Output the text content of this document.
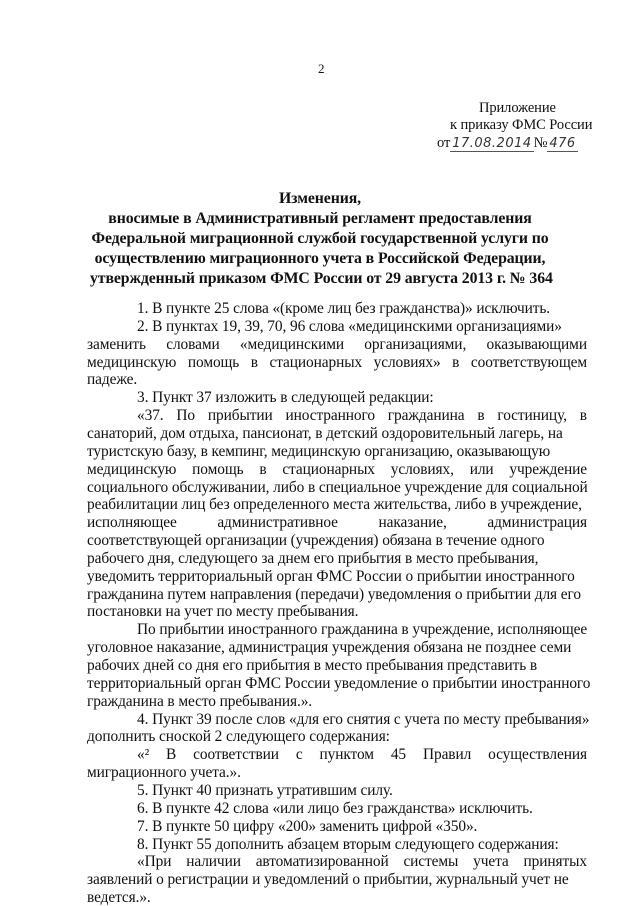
2
Приложение
к приказу ФМС России
от 17.08.2014 № 476
Изменения,
вносимые в Административный регламент предоставления
Федеральной миграционной службой государственной услуги по
осуществлению миграционного учета в Российской Федерации,
утвержденный приказом ФМС России от 29 августа 2013 г. № 364
1. В пункте 25 слова «(кроме лиц без гражданства)» исключить.
2. В пунктах 19, 39, 70, 96 слова «медицинскими организациями»
заменить словами «медицинскими организациями, оказывающими
медицинскую помощь в стационарных условиях» в соответствующем
падеже.
3. Пункт 37 изложить в следующей редакции:
«37. По прибытии иностранного гражданина в гостиницу, в
санаторий, дом отдыха, пансионат, в детский оздоровительный лагерь, на
туристскую базу, в кемпинг, медицинскую организацию, оказывающую
медицинскую помощь в стационарных условиях, или учреждение
социального обслуживании, либо в специальное учреждение для социальной
реабилитации лиц без определенного места жительства, либо в учреждение,
исполняющее	административное	наказание,	администрация
соответствующей организации (учреждения) обязана в течение одного
рабочего дня, следующего за днем его прибытия в место пребывания,
уведомить территориальный орган ФМС России о прибытии иностранного
гражданина путем направления (передачи) уведомления о прибытии для его
постановки на учет по месту пребывания.
По прибытии иностранного гражданина в учреждение, исполняющее
уголовное наказание, администрация учреждения обязана не позднее семи
рабочих дней со дня его прибытия в место пребывания представить в
территориальный орган ФМС России уведомление о прибытии иностранного
гражданина в место пребывания.».
4. Пункт 39 после слов «для его снятия с учета по месту пребывания»
дополнить сноской 2 следующего содержания:
«² В соответствии с пунктом 45 Правил осуществления
миграционного учета.».
5. Пункт 40 признать утратившим силу.
6. В пункте 42 слова «или лицо без гражданства» исключить.
7. В пункте 50 цифру «200» заменить цифрой «350».
8. Пункт 55 дополнить абзацем вторым следующего содержания:
«При наличии автоматизированной системы учета принятых
заявлений о регистрации и уведомлений о прибытии, журнальный учет не
ведется.».
